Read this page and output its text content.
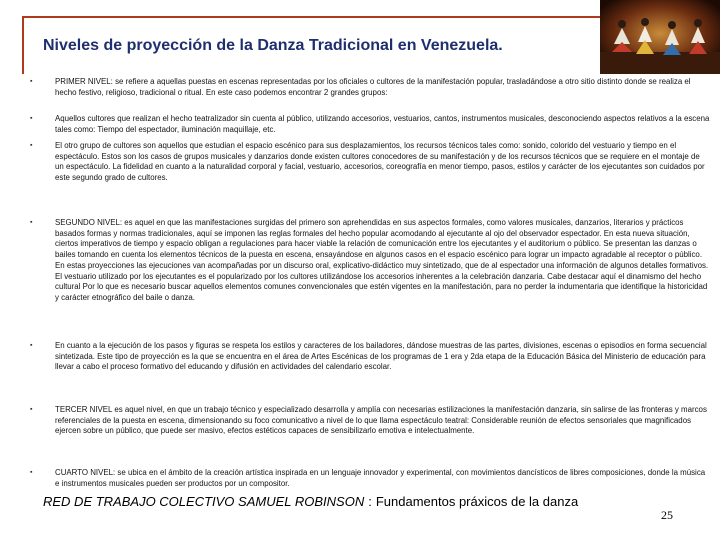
Niveles de proyección de la Danza Tradicional en Venezuela.
▪	PRIMER NIVEL: se refiere a aquellas puestas en escenas representadas por los oficiales o cultores de la manifestación popular, trasladándose a otro sitio distinto donde se realiza el hecho festivo, religioso, tradicional o ritual. En este caso podemos encontrar 2 grandes grupos:
▪	Aquellos cultores que realizan el hecho teatralizador sin cuenta al público, utilizando accesorios, vestuarios, cantos, instrumentos musicales, desconociendo aspectos relativos a la escena tales como: Tiempo del espectador, iluminación maquillaje, etc.
▪	El otro grupo de cultores son aquellos que estudian el espacio escénico para sus desplazamientos, los recursos técnicos tales como: sonido, colorido del vestuario y tiempo en el espectáculo. Estos son los casos de grupos musicales y danzarios donde existen cultores conocedores de su manifestación y de los recursos técnicos que se requiere en el montaje de un espectáculo. La fidelidad en cuanto a la naturalidad corporal y facial, vestuario, accesorios, coreografía en menor tiempo, pasos, estilos y carácter de los ejecutantes son cuidados por este segundo grado de cultores.
▪	SEGUNDO NIVEL: es aquel en que las manifestaciones surgidas del primero son aprehendidas en sus aspectos formales, como valores musicales, danzarios, literarios y prácticos basados formas y normas tradicionales, aquí se imponen las reglas formales del hecho popular acomodando al ejecutante al ojo del observador espectador. En esta nueva situación, ciertos imperativos de tiempo y espacio obligan a regulaciones para hacer viable la relación de comunicación entre los ejecutantes y el auditorium o público. Se presentan las danzas o bailes tomando en cuenta los elementos técnicos de la puesta en escena, ensayándose en algunos casos en el espacio escénico para lograr un impacto agradable al receptor o público. En estas proyecciones las ejecuciones van acompañadas por un discurso oral, explicativo-didáctico muy sintetizado, que de al espectador una información de algunos detalles formativos. El vestuario utilizado por los ejecutantes es el popularizado por los cultores utilizándose los accesorios inherentes a la celebración danzaria. Cabe destacar aquí el dinamismo del hecho cultural Por lo que es necesario buscar aquellos elementos comunes convencionales que estén vigentes en la manifestación, para no perder la indumentaria que identifique la historicidad y carácter etnográfico del baile o danza.
▪	En cuanto a la ejecución de los pasos y figuras se respeta los estilos y caracteres de los bailadores, dándose muestras de las partes, divisiones, escenas o episodios en forma secuencial sintetizada. Este tipo de proyección es la que se encuentra en el área de Artes Escénicas de los programas de 1 era y 2da etapa de la Educación Básica del Ministerio de educación para llevar a cabo el proceso formativo del educando y difusión en actividades del calendario escolar.
▪	TERCER NIVEL es aquel nivel, en que un trabajo técnico y especializado desarrolla y amplía con necesarias estilizaciones la manifestación danzaria, sin salirse de las fronteras y marcos referenciales de la puesta en escena, dimensionando su foco comunicativo a nivel de lo que llama espectáculo teatral: Considerable reunión de efectos sensoriales que magnificados ejercen sobre un público, que puede ser masivo, efectos estéticos capaces de sensibilizarlo emotiva e intelectualmente.
▪	CUARTO NIVEL: se ubica en el ámbito de la creación artística inspirada en un lenguaje innovador y experimental, con movimientos dancísticos de libres composiciones, donde la música e instrumentos musicales pueden ser productos por un compositor.
RED DE TRABAJO COLECTIVO SAMUEL ROBINSON : Fundamentos práxicos de la danza
25
